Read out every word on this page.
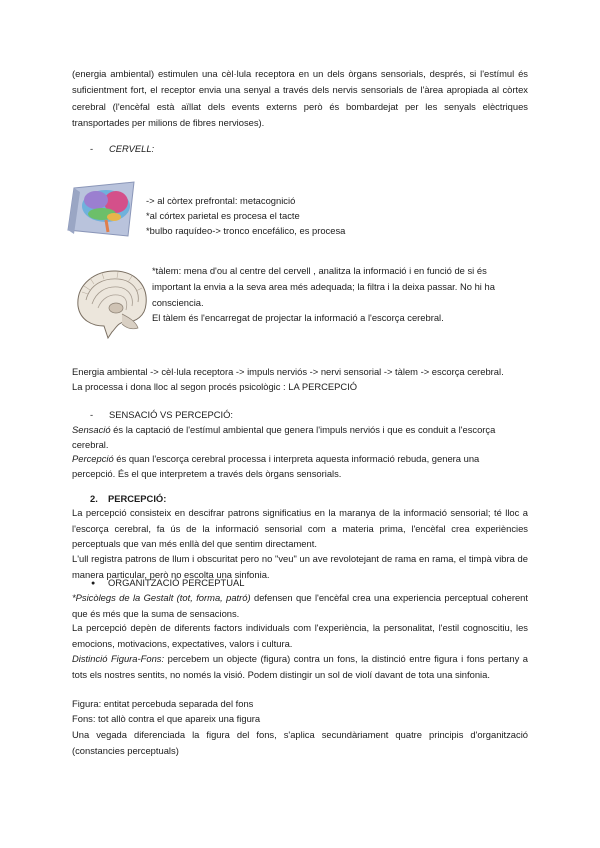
(energia ambiental) estimulen una cèl·lula receptora en un dels òrgans sensorials, després, si l'estímul és suficientment fort, el receptor envia una senyal a través dels nervis sensorials de l'àrea apropiada al còrtex cerebral (l'encèfal està aïllat dels events externs però és bombardejat per les senyals elèctriques transportades per milions de fibres nervioses).
- CERVELL:
-> al còrtex prefrontal: metacognició
*al córtex parietal es procesa el tacte
*bulbo raquídeo-> tronco encefálico, es procesa
*tàlem: mena d'ou al centre del cervell , analitza la informació i en funció de si és
important la envia a la seva area més adequada; la filtra i la deixa passar. No hi ha
consciencia.
El tàlem és l'encarregat de projectar la informació a l'escorça cerebral.
Energia ambiental -> cèl·lula receptora -> impuls nerviós -> nervi sensorial -> tàlem -> escorça cerebral.
La processa i dona lloc al segon procés psicològic : LA PERCEPCIÓ
- SENSACIÓ VS PERCEPCIÓ:
Sensació és la captació de l'estímul ambiental que genera l'impuls nerviós i que es conduit a l'escorça
cerebral.
Percepció és quan l'escorça cerebral processa i interpreta aquesta informació rebuda, genera una
percepció. És el que interpretem a través dels òrgans sensorials.
2. PERCEPCIÓ:
La percepció consisteix en descifrar patrons significatius en la maranya de la informació sensorial; té lloc a l'escorça cerebral, fa ús de la informació sensorial com a materia prima, l'encèfal crea experiències perceptuals que van més enllà del que sentim directament.
L'ull registra patrons de llum i obscuritat pero no "veu" un ave revolotejant de rama en rama, el timpà vibra de manera particular, però no escolta una sinfonia.
● ORGANITZACIÓ PERCEPTUAL
*Psicòlegs de la Gestalt (tot, forma, patró) defensen que l'encèfal crea una experiencia perceptual coherent que és més que la suma de sensacions.
La percepció depèn de diferents factors individuals com l'experiència, la personalitat, l'estil cognoscitiu, les emocions, motivacions, expectatives, valors i cultura.
Distinció Figura-Fons: percebem un objecte (figura) contra un fons, la distinció entre figura i fons pertany a tots els nostres sentits, no només la visió. Podem distingir un sol de violí davant de tota una sinfonia.
Figura: entitat percebuda separada del fons
Fons: tot allò contra el que apareix una figura
Una vegada diferenciada la figura del fons, s'aplica secundàriament quatre principis d'organització (constancies perceptuals)
